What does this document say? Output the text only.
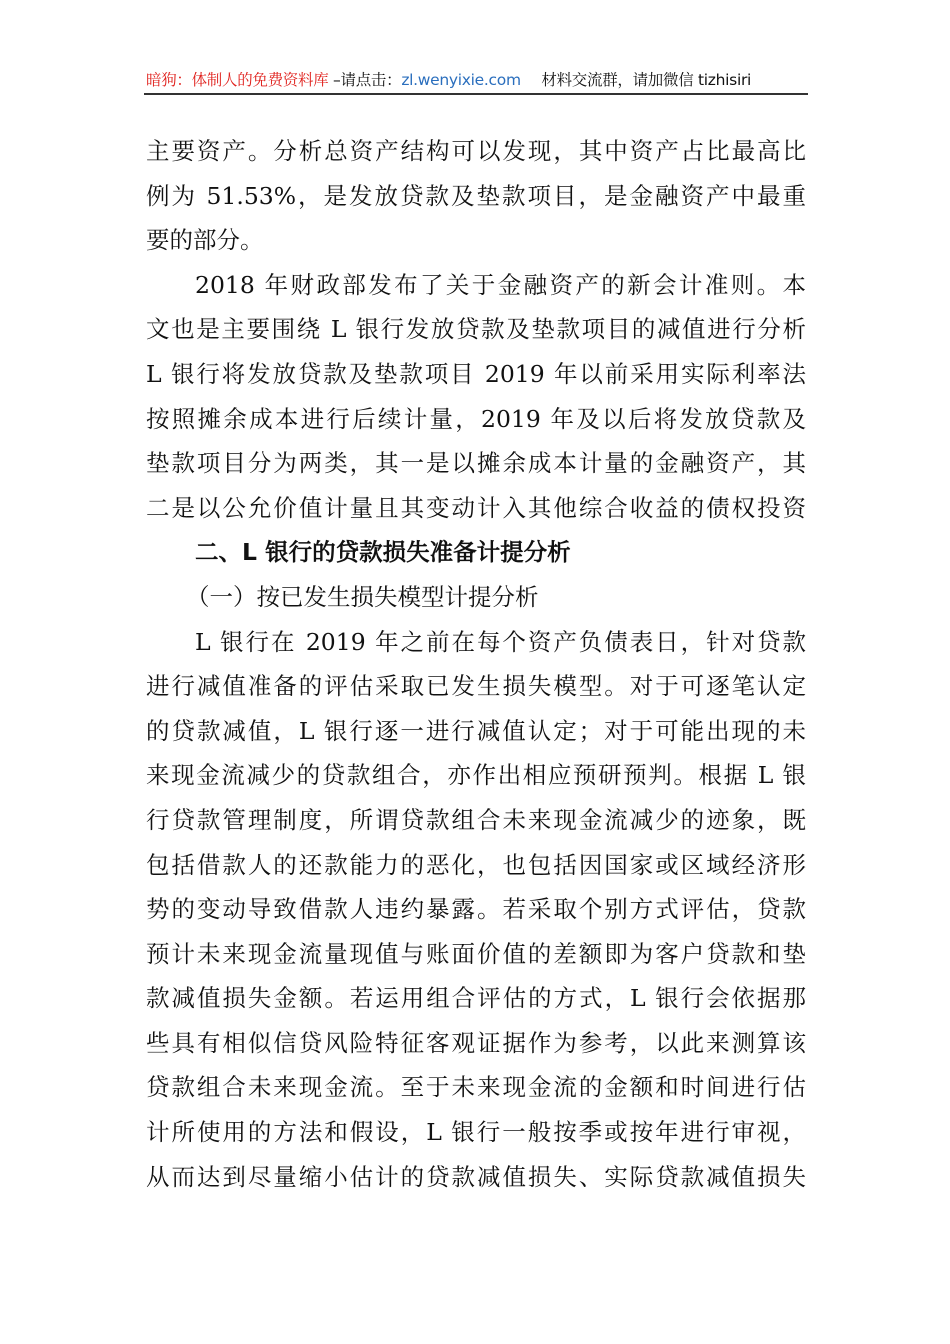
暗狗：体制人的免费资料库 –请点击：zl.wenyixie.com 材料交流群，请加微信 tizhisiri
主要资产。分析总资产结构可以发现，其中资产占比最高比
例为 51.53%，是发放贷款及垫款项目，是金融资产中最重
要的部分。
2018 年财政部发布了关于金融资产的新会计准则。本
文也是主要围绕 L 银行发放贷款及垫款项目的减值进行分析
L 银行将发放贷款及垫款项目 2019 年以前采用实际利率法
按照摊余成本进行后续计量，2019 年及以后将发放贷款及
垫款项目分为两类，其一是以摊余成本计量的金融资产，其
二是以公允价值计量且其变动计入其他综合收益的债权投资
二、L 银行的贷款损失准备计提分析
（一）按已发生损失模型计提分析
L 银行在 2019 年之前在每个资产负债表日，针对贷款
进行减值准备的评估采取已发生损失模型。对于可逐笔认定
的贷款减值，L 银行逐一进行减值认定；对于可能出现的未
来现金流减少的贷款组合，亦作出相应预研预判。根据 L 银
行贷款管理制度，所谓贷款组合未来现金流减少的迹象，既
包括借款人的还款能力的恶化，也包括因国家或区域经济形
势的变动导致借款人违约暴露。若采取个别方式评估，贷款
预计未来现金流量现值与账面价值的差额即为客户贷款和垫
款减值损失金额。若运用组合评估的方式，L 银行会依据那
些具有相似信贷风险特征客观证据作为参考，以此来测算该
贷款组合未来现金流。至于未来现金流的金额和时间进行估
计所使用的方法和假设，L 银行一般按季或按年进行审视，
从而达到尽量缩小估计的贷款减值损失、实际贷款减值损失
